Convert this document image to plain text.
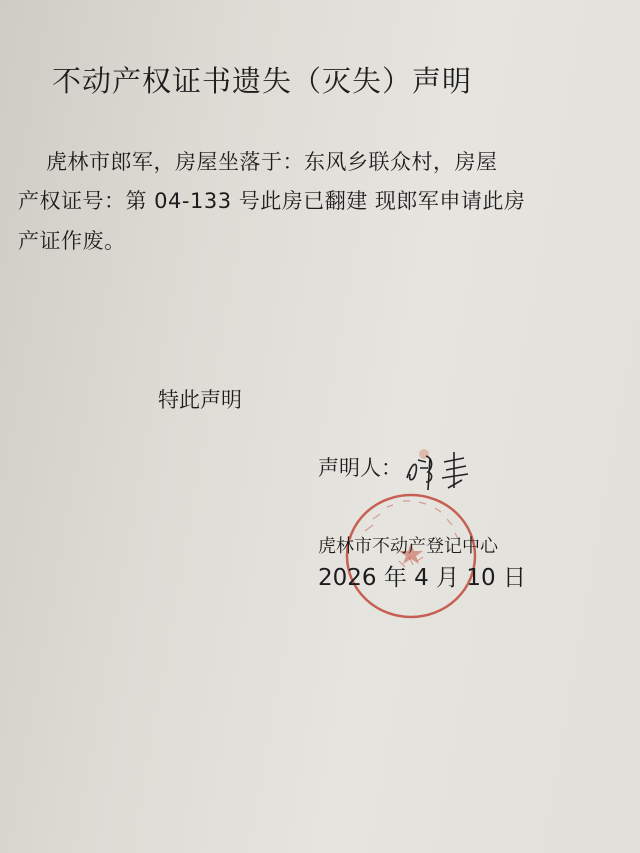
不动产权证书遗失（灭失）声明
虎林市郎军，房屋坐落于：东风乡联众村，房屋
产权证号：第 04-133 号此房已翻建 现郎军申请此房
产证作废。
特此声明
声明人：
虎林市不动产登记中心
2026 年 4 月 10 日
